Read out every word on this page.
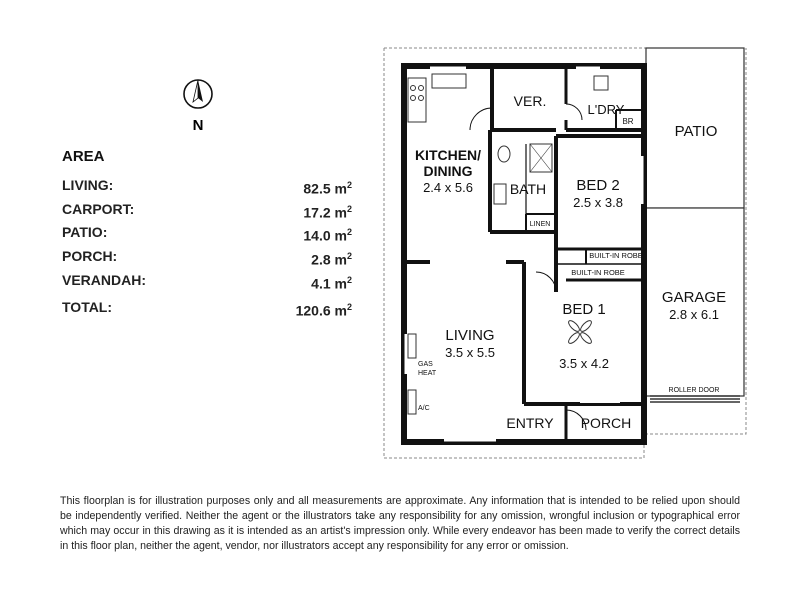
N
AREA
LIVING:	82.5 $m^2$
CARPORT:	17.2 $m^2$
PATIO:	14.0 $m^2$
PORCH:	2.8 $m^2$
VERANDAH:	4.1 $m^2$
TOTAL:	120.6 $m^2$
VER.
L'DRY
BR
PATIO
KITCHEN/
DINING
2.4 x 5.6	BATH
LINEN
BED 2
2.5 x 3.8
BUILT-IN ROBE
BUILT-IN ROBE
GARAGE
2.8 x 6.1
BED 1
3.5 x 4.2
LIVING
3.5 x 5.5
GAS
HEAT
A/C
ROLLER DOOR
ENTRY PORCH
This floorplan is for illustration purposes only and all measurements are approximate. Any information that is intended to be relied upon should be independently verified. Neither the agent or the illustrators take any responsibility for any omission, wrongful inclusion or typographical error which may occur in this drawing as it is intended as an artist's impression only. While every endeavor has been made to verify the correct details in this floor plan, neither the agent, vendor, nor illustrators accept any responsibility for any error or omission.
